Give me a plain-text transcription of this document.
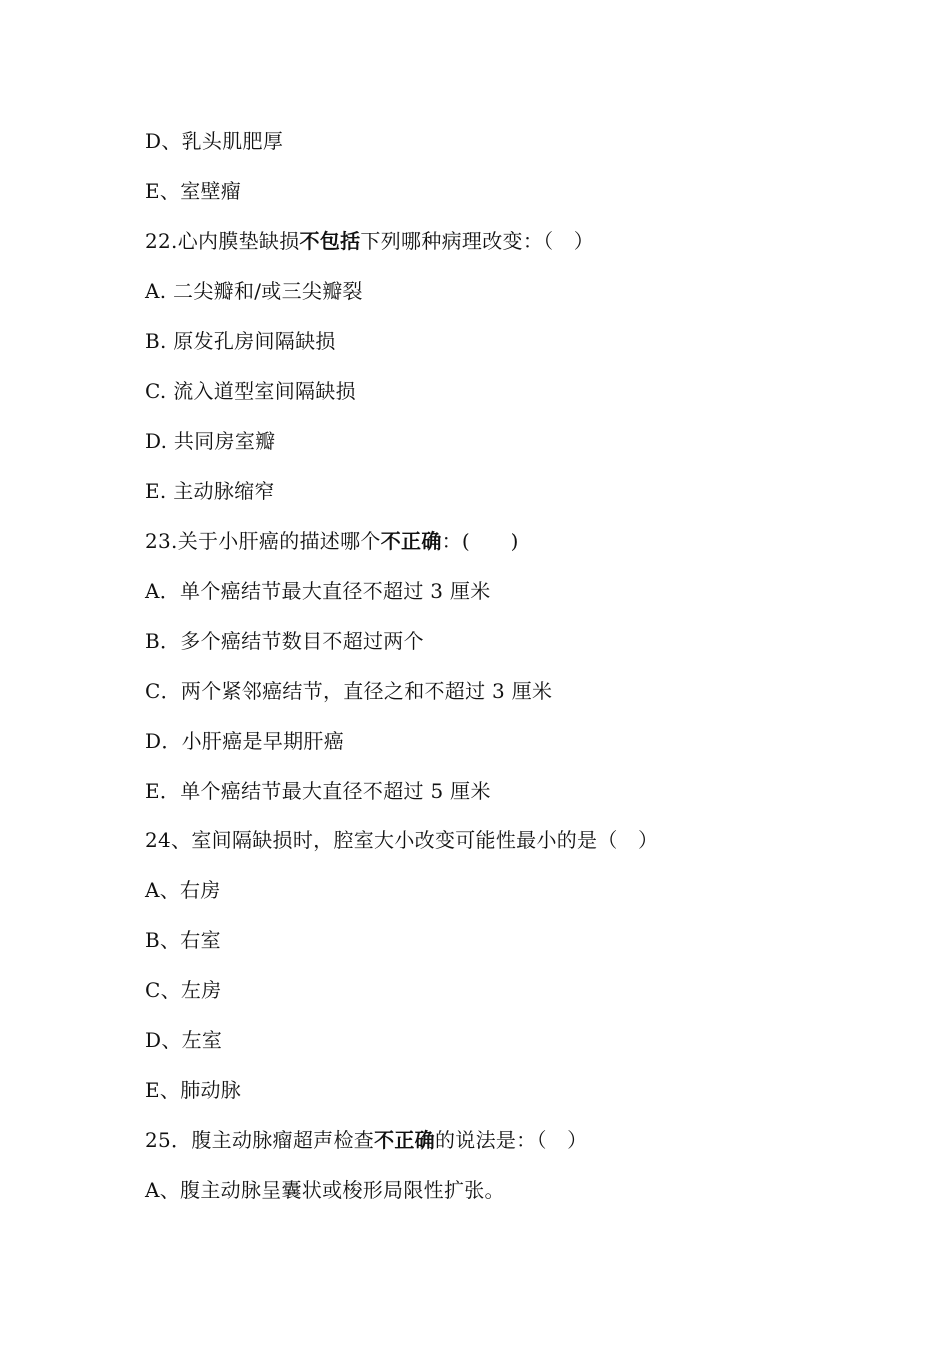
D、乳头肌肥厚
E、室壁瘤
22.心内膜垫缺损不包括下列哪种病理改变：（　）
A. 二尖瓣和/或三尖瓣裂
B. 原发孔房间隔缺损
C. 流入道型室间隔缺损
D. 共同房室瓣
E. 主动脉缩窄
23.关于小肝癌的描述哪个不正确：(　　)
A．单个癌结节最大直径不超过 3 厘米
B．多个癌结节数目不超过两个
C．两个紧邻癌结节，直径之和不超过 3 厘米
D．小肝癌是早期肝癌
E．单个癌结节最大直径不超过 5 厘米
24、室间隔缺损时，腔室大小改变可能性最小的是（　）
A、右房
B、右室
C、左房
D、左室
E、肺动脉
25．腹主动脉瘤超声检查不正确的说法是：（　）
A、腹主动脉呈囊状或梭形局限性扩张。
